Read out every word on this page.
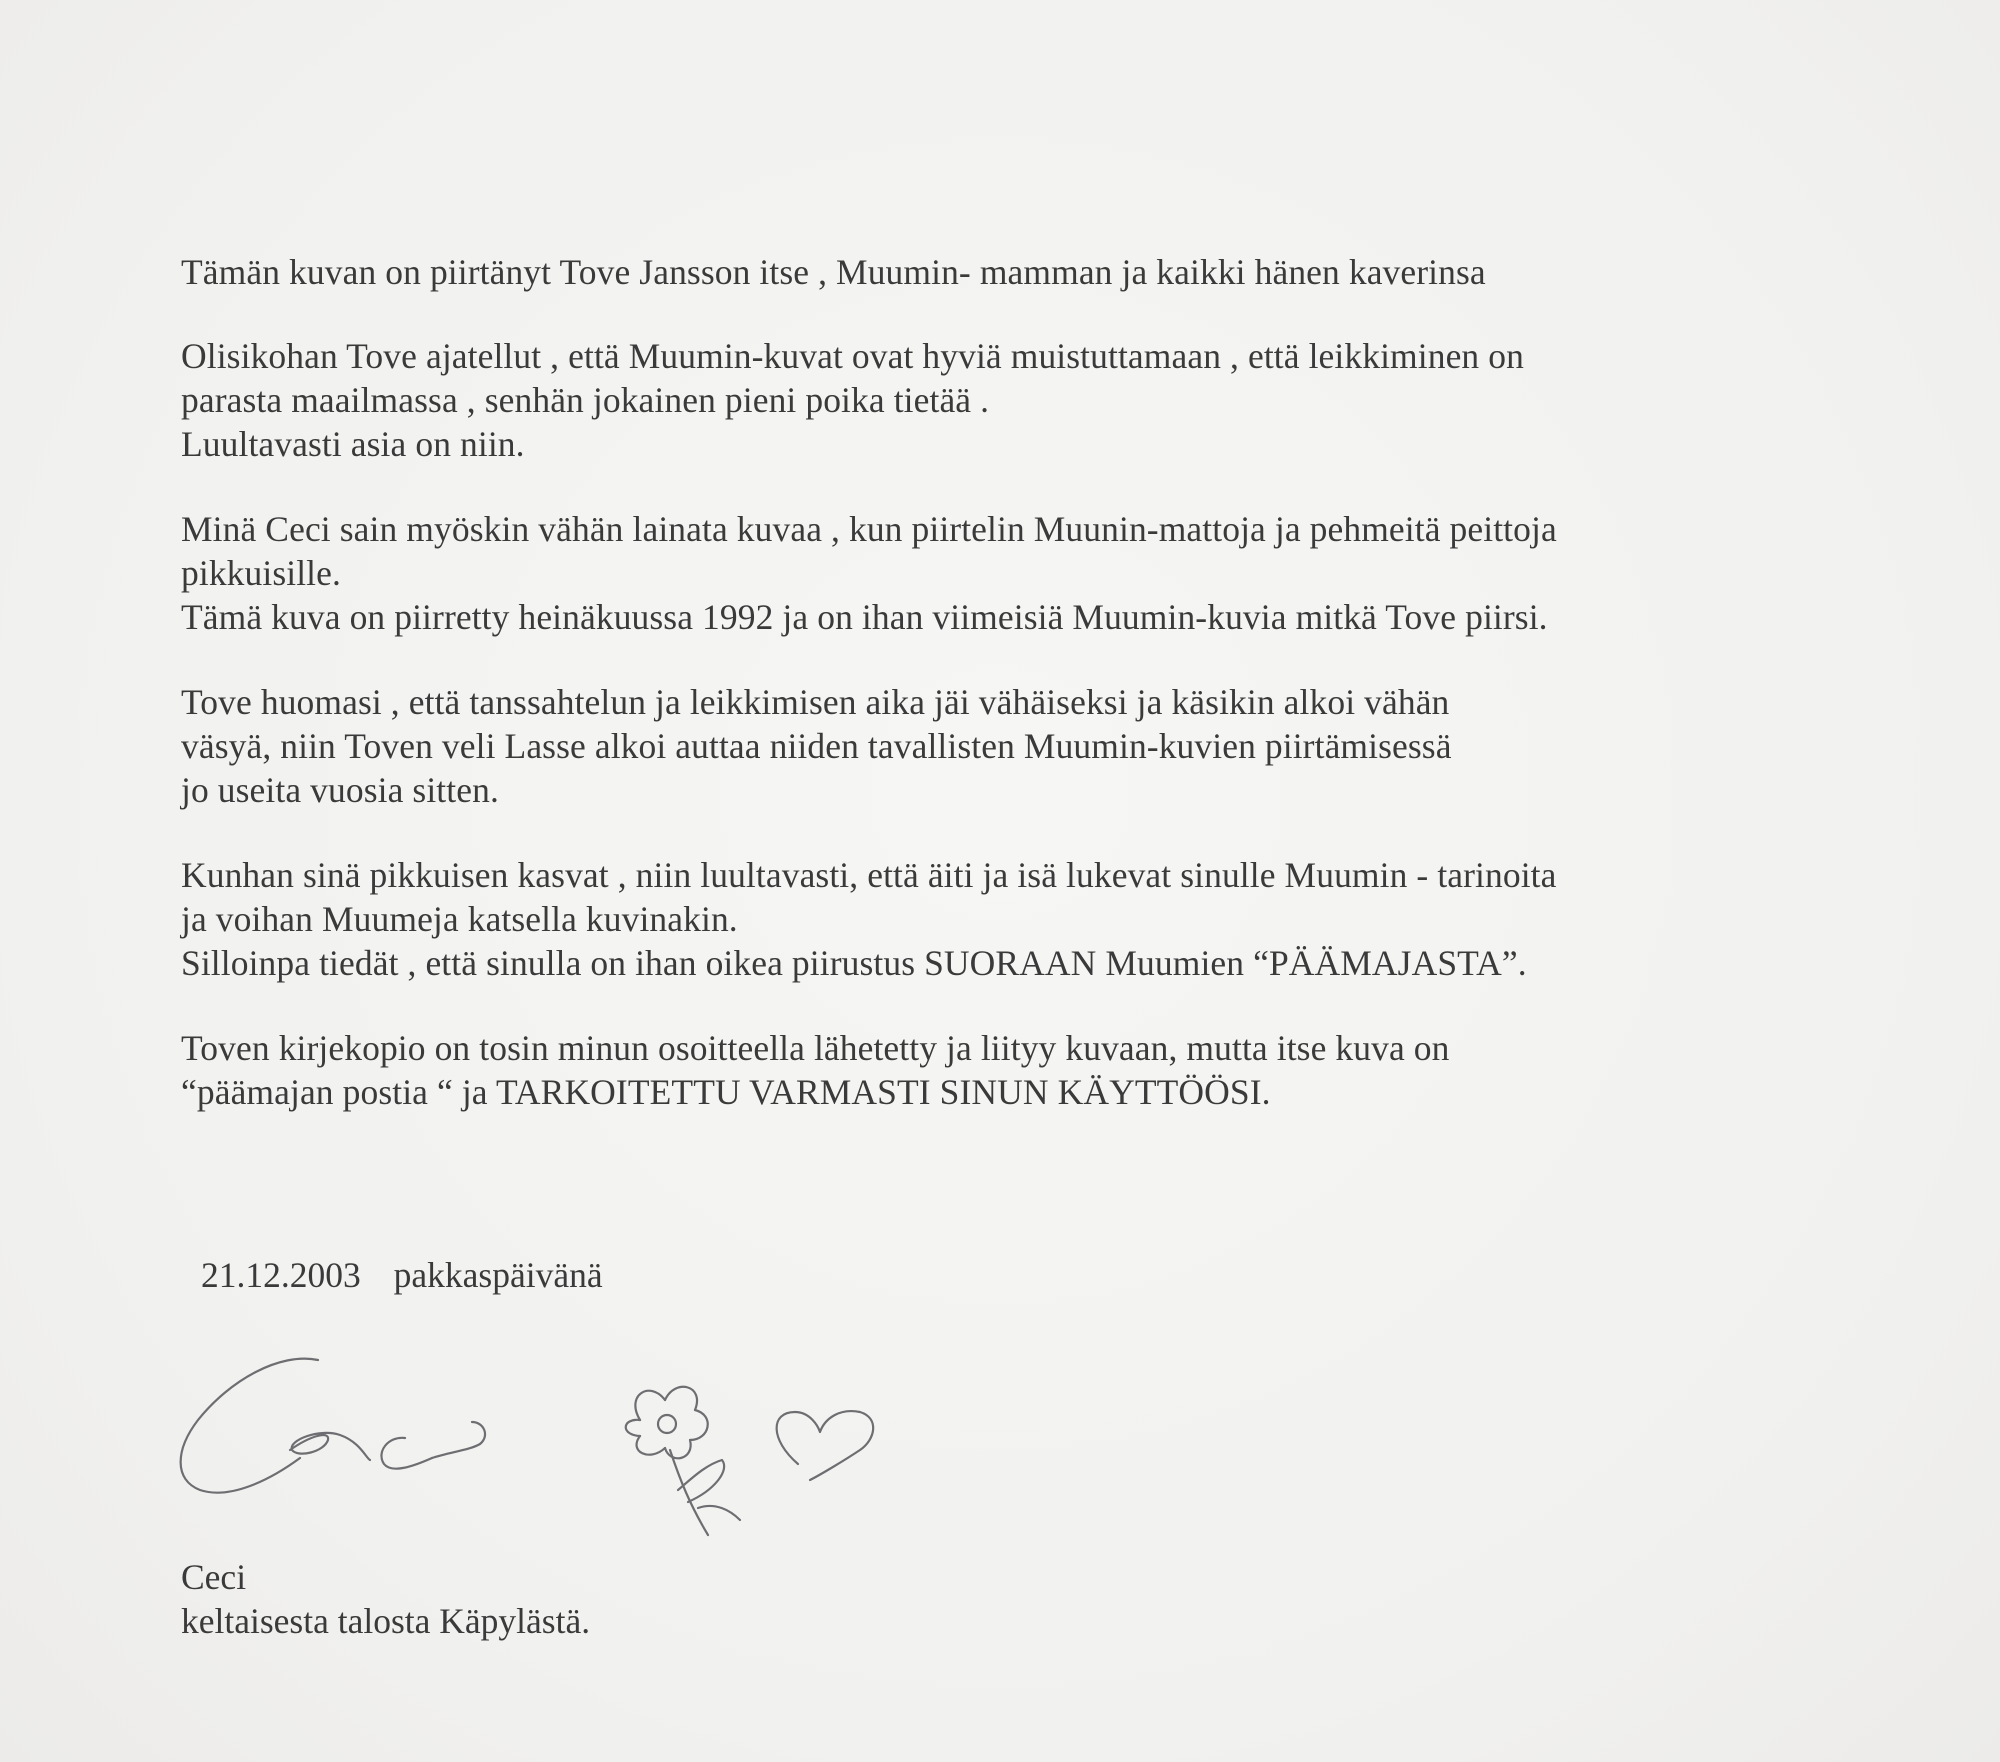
Tämän kuvan on piirtänyt Tove Jansson itse , Muumin- mamman ja kaikki hänen kaverinsa

Olisikohan Tove ajatellut , että Muumin-kuvat ovat hyviä muistuttamaan , että leikkiminen on
parasta maailmassa , senhän jokainen pieni poika tietää .
Luultavasti asia on niin.

Minä Ceci sain myöskin vähän lainata kuvaa , kun piirtelin Muunin-mattoja ja pehmeitä peittoja
pikkuisille.
Tämä kuva on piirretty heinäkuussa 1992 ja on ihan viimeisiä Muumin-kuvia mitkä Tove piirsi.

Tove huomasi , että tanssahtelun ja leikkimisen aika jäi vähäiseksi ja käsikin alkoi vähän
väsyä, niin Toven veli Lasse alkoi auttaa niiden tavallisten Muumin-kuvien piirtämisessä
jo useita vuosia sitten.

Kunhan sinä pikkuisen kasvat , niin luultavasti, että äiti ja isä lukevat sinulle Muumin - tarinoita
ja voihan Muumeja katsella kuvinakin.
Silloinpa tiedät , että sinulla on ihan oikea piirustus SUORAAN Muumien “PÄÄMAJASTA”.

Toven kirjekopio on tosin minun osoitteella lähetetty ja liityy kuvaan, mutta itse kuva on
“päämajan postia “ ja TARKOITETTU VARMASTI SINUN KÄYTTÖÖSI.

21.12.2003 pakkaspäivänä
Ceci
keltaisesta talosta Käpylästä.
